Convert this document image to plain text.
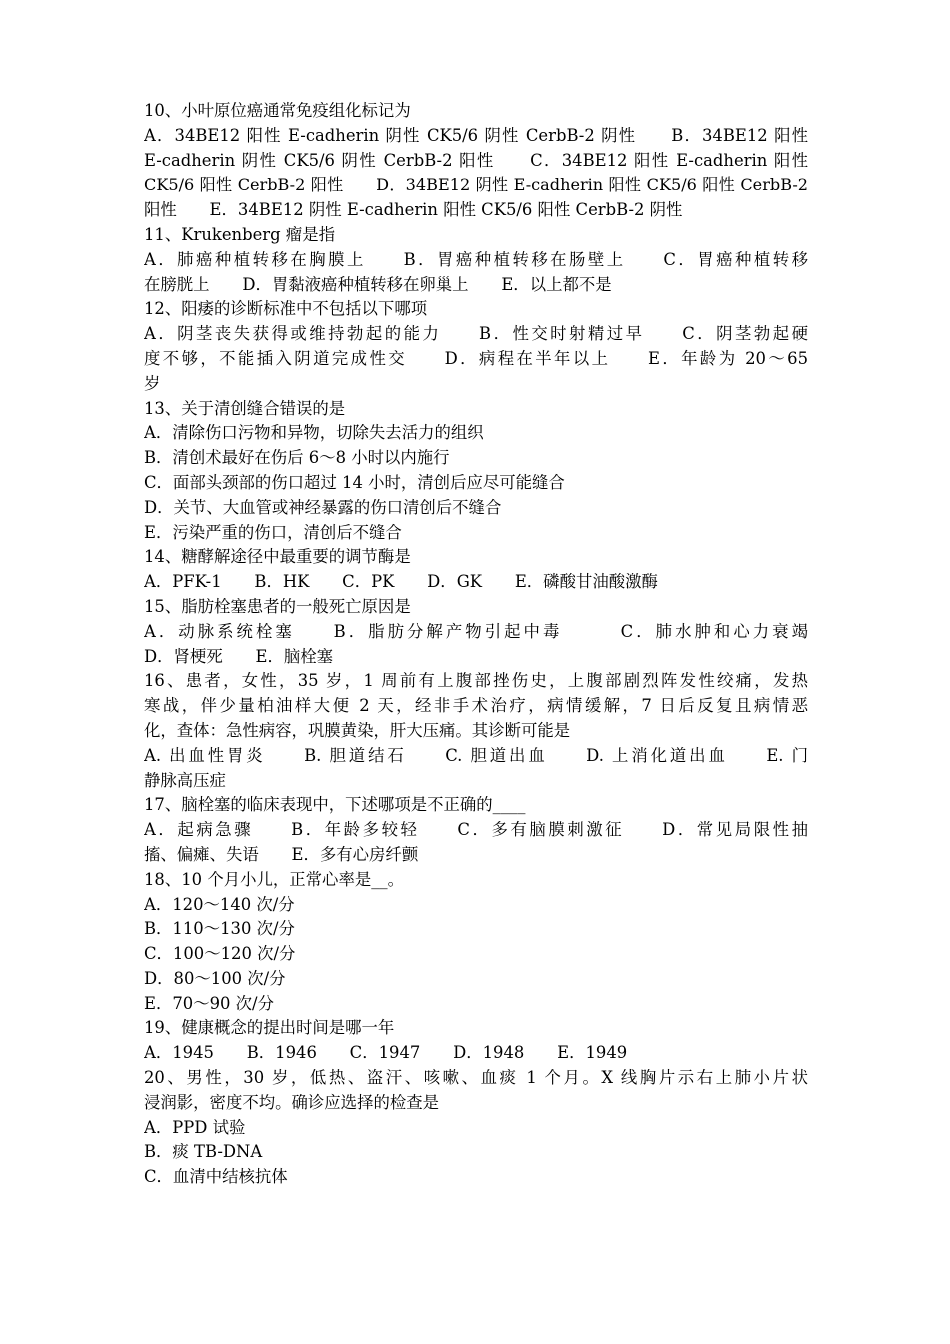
10、小叶原位癌通常免疫组化标记为
A．34BE12 阳性 E-cadherin 阴性 CK5/6 阴性 CerbB-2 阴性　　B．34BE12 阳性
E-cadherin 阴性 CK5/6 阴性 CerbB-2 阳性　　C．34BE12 阳性 E-cadherin 阳性
CK5/6 阳性 CerbB-2 阳性　　D．34BE12 阴性 E-cadherin 阳性 CK5/6 阳性 CerbB-2
阳性　　E．34BE12 阴性 E-cadherin 阳性 CK5/6 阳性 CerbB-2 阴性
11、Krukenberg 瘤是指
A．肺癌种植转移在胸膜上　　B．胃癌种植转移在肠壁上　　C．胃癌种植转移
在膀胱上　　D．胃黏液癌种植转移在卵巢上　　E．以上都不是
12、阳痿的诊断标准中不包括以下哪项
A．阴茎丧失获得或维持勃起的能力　　B．性交时射精过早　　C．阴茎勃起硬
度不够，不能插入阴道完成性交　　D．病程在半年以上　　E．年龄为 20～65
岁
13、关于清创缝合错误的是
A．清除伤口污物和异物，切除失去活力的组织
B．清创术最好在伤后 6～8 小时以内施行
C．面部头颈部的伤口超过 14 小时，清创后应尽可能缝合
D．关节、大血管或神经暴露的伤口清创后不缝合
E．污染严重的伤口，清创后不缝合
14、糖酵解途径中最重要的调节酶是
A．PFK-1　　B．HK　　C．PK　　D．GK　　E．磷酸甘油酸激酶
15、脂肪栓塞患者的一般死亡原因是
A．动脉系统栓塞　　B．脂肪分解产物引起中毒　　　C．肺水肿和心力衰竭
D．肾梗死　　E．脑栓塞
16、患者，女性，35 岁，1 周前有上腹部挫伤史，上腹部剧烈阵发性绞痛，发热
寒战，伴少量柏油样大便 2 天，经非手术治疗，病情缓解，7 日后反复且病情恶
化，查体：急性病容，巩膜黄染，肝大压痛。其诊断可能是
A. 出血性胃炎　　B. 胆道结石　　C. 胆道出血　　D. 上消化道出血　　E. 门
静脉高压症
17、脑栓塞的临床表现中，下述哪项是不正确的____
A．起病急骤　　B．年龄多较轻　　C．多有脑膜刺激征　　D．常见局限性抽
搐、偏瘫、失语　　E．多有心房纤颤
18、10 个月小儿，正常心率是__。
A．120～140 次/分
B．110～130 次/分
C．100～120 次/分
D．80～100 次/分
E．70～90 次/分
19、健康概念的提出时间是哪一年
A．1945　　B．1946　　C．1947　　D．1948　　E．1949
20、男性，30 岁，低热、盗汗、咳嗽、血痰 1 个月。X 线胸片示右上肺小片状
浸润影，密度不均。确诊应选择的检查是
A．PPD 试验
B．痰 TB-DNA
C．血清中结核抗体
